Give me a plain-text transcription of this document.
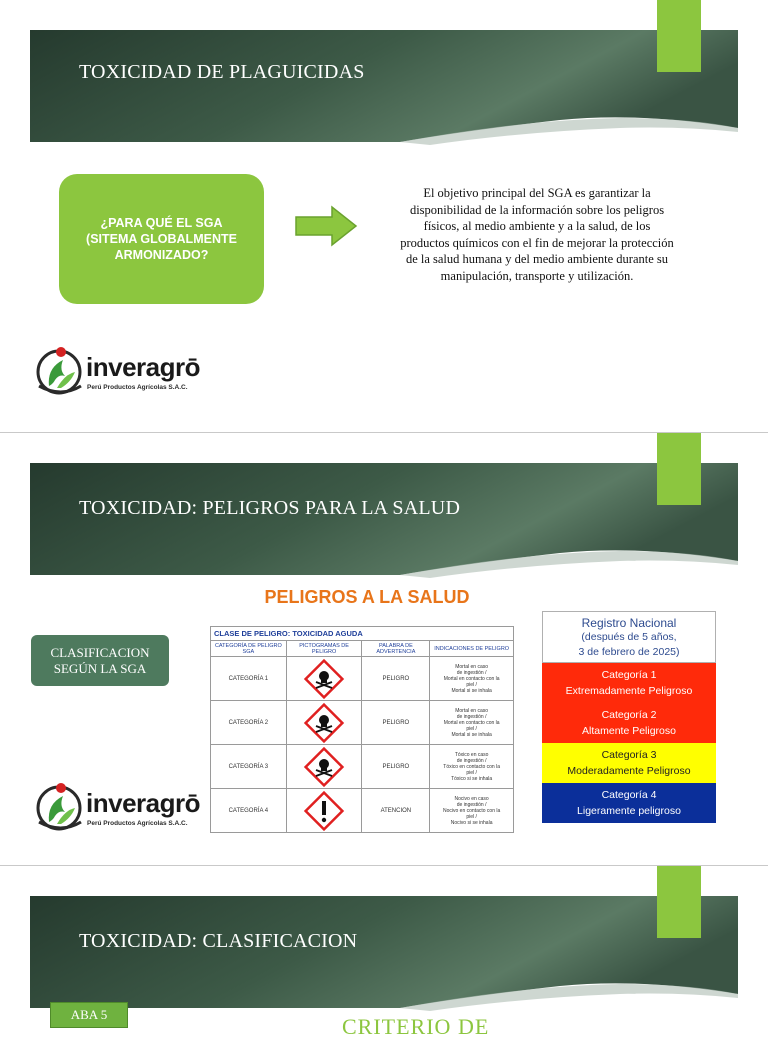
TOXICIDAD DE PLAGUICIDAS
¿PARA QUÉ EL SGA
(SITEMA GLOBALMENTE
ARMONIZADO?
El objetivo principal del SGA es garantizar la disponibilidad de la información sobre los peligros físicos, al medio ambiente y a la salud, de los productos químicos con el fin de mejorar la protección de la salud humana y del medio ambiente durante su manipulación, transporte y utilización.
inveragrō
Perú Productos Agrícolas S.A.C.
TOXICIDAD: PELIGROS PARA LA SALUD
CLASIFICACION
SEGÚN LA SGA
PELIGROS A LA SALUD
CLASE DE PELIGRO: TOXICIDAD AGUDA			
CATEGORÍA DE PELIGRO SGA	PICTOGRAMAS DE PELIGRO	PALABRA DE ADVERTENCIA	INDICACIONES DE PELIGRO
CATEGORÍA 1		PELIGRO	Mortal en caso
de ingestión /
Mortal en contacto con la
piel /
Mortal si se inhala
CATEGORÍA 2		PELIGRO	Mortal en caso
de ingestión /
Mortal en contacto con la
piel /
Mortal si se inhala
CATEGORÍA 3		PELIGRO	Tóxico en caso
de ingestión /
Tóxico en contacto con la
piel /
Tóxico si se inhala
CATEGORÍA 4		ATENCION	Nocivo en caso
de ingestión /
Nocivo en contacto con la
piel /
Nocivo si se inhala
Registro Nacional
(después de 5 años,
3 de febrero de 2025)
Categoría 1
Extremadamente Peligroso
Categoría 2
Altamente Peligroso
Categoría 3
Moderadamente Peligroso
Categoría 4
Ligeramente peligroso
inveragrō
Perú Productos Agrícolas S.A.C.
TOXICIDAD: CLASIFICACION
ABA 5	CRITERIO DE
